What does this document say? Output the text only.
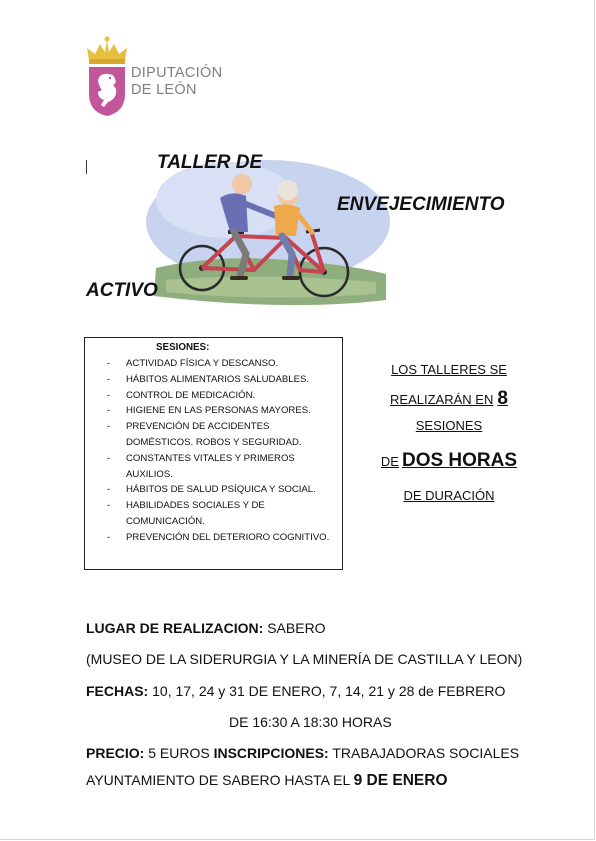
DIPUTACIÓN
DE LEÓN
TALLER DE
ENVEJECIMIENTO
ACTIVO
SESIONES:
- ACTIVIDAD FÍSICA Y DESCANSO.
- HÁBITOS ALIMENTARIOS SALUDABLES.
- CONTROL DE MEDICACIÓN.
- HIGIENE EN LAS PERSONAS MAYORES.
- PREVENCIÓN DE ACCIDENTES DOMÉSTICOS. ROBOS Y SEGURIDAD.
- CONSTANTES VITALES Y PRIMEROS AUXILIOS.
- HÁBITOS DE SALUD PSÍQUICA Y SOCIAL.
- HABILIDADES SOCIALES Y DE COMUNICACIÓN.
- PREVENCIÓN DEL DETERIORO COGNITIVO.
LOS TALLERES SE
REALIZARÁN EN 8
SESIONES
DE DOS HORAS
DE DURACIÓN
LUGAR DE REALIZACION: SABERO
(MUSEO DE LA SIDERURGIA Y LA MINERÍA DE CASTILLA Y LEON)
FECHAS: 10, 17, 24 y 31 DE ENERO, 7, 14, 21 y 28 de FEBRERO
DE 16:30 A 18:30 HORAS
PRECIO: 5 EUROS INSCRIPCIONES: TRABAJADORAS SOCIALES
AYUNTAMIENTO DE SABERO HASTA EL 9 DE ENERO
